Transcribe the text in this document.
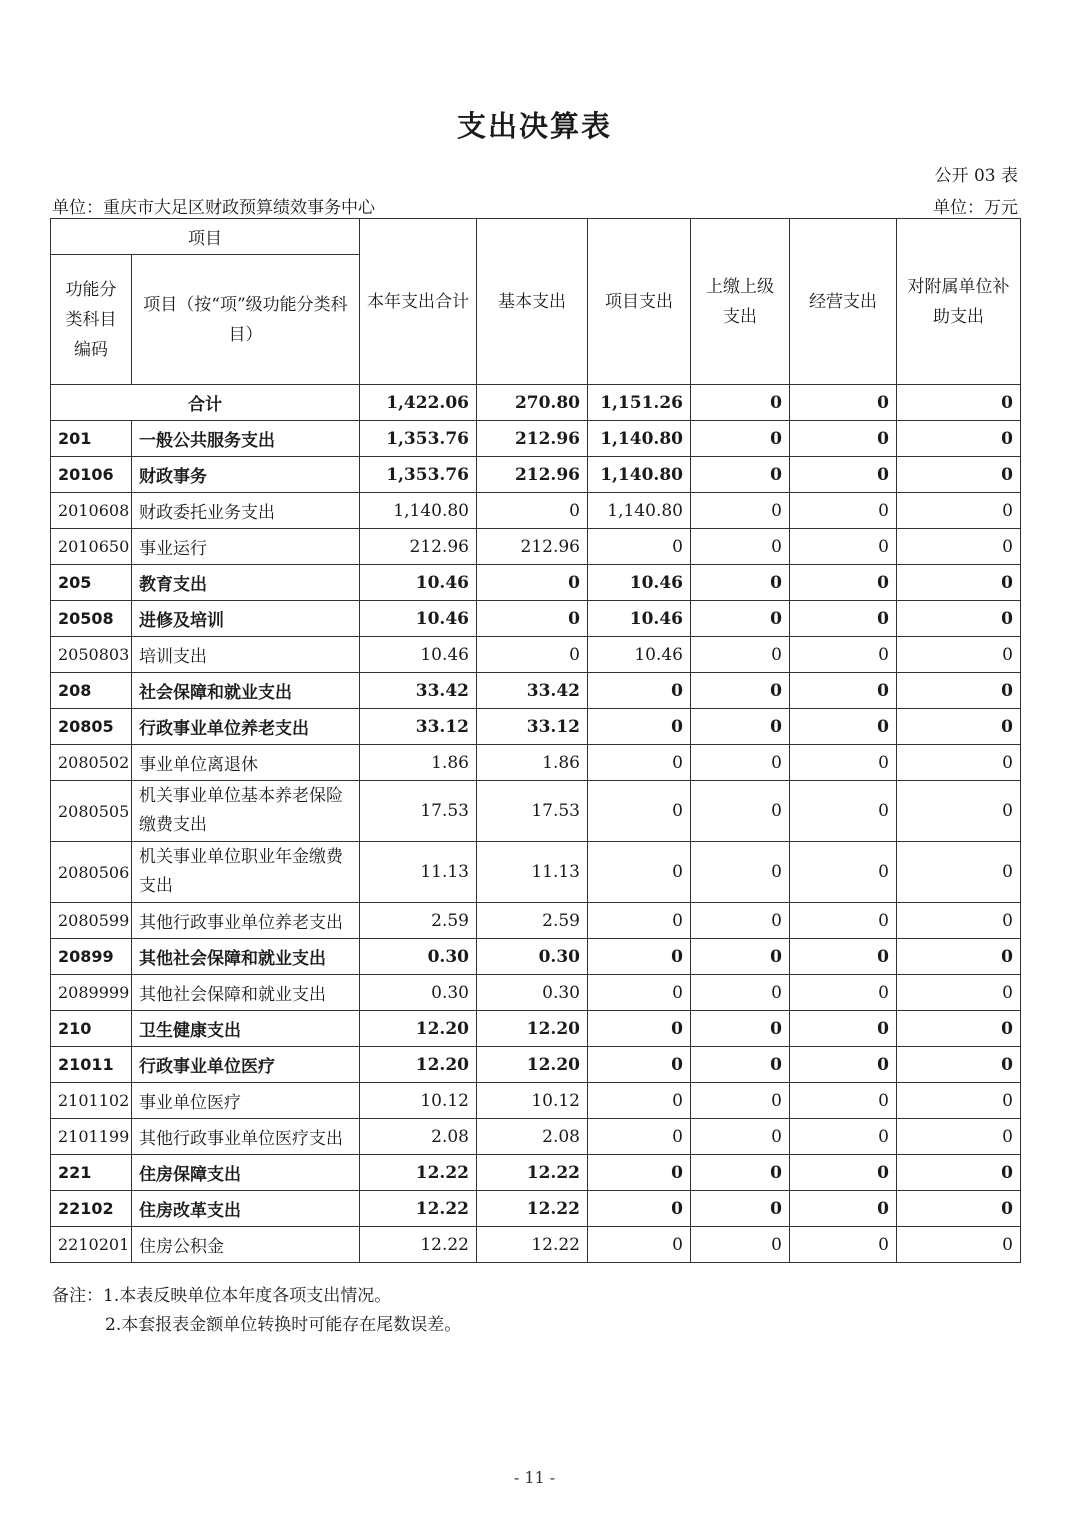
支出决算表
公开 03 表
单位：重庆市大足区财政预算绩效事务中心	单位：万元
项目		本年支出合计	基本支出	项目支出	上缴上级支出	经营支出	对附属单位补助支出
功能分类科目编码	项目（按“项”级功能分类科目）						
合计		1,422.06	270.80	1,151.26	0	0	0
201	一般公共服务支出	1,353.76	212.96	1,140.80	0	0	0
20106	财政事务	1,353.76	212.96	1,140.80	0	0	0
2010608	财政委托业务支出	1,140.80	0	1,140.80	0	0	0
2010650	事业运行	212.96	212.96	0	0	0	0
205	教育支出	10.46	0	10.46	0	0	0
20508	进修及培训	10.46	0	10.46	0	0	0
2050803	培训支出	10.46	0	10.46	0	0	0
208	社会保障和就业支出	33.42	33.42	0	0	0	0
20805	行政事业单位养老支出	33.12	33.12	0	0	0	0
2080502	事业单位离退休	1.86	1.86	0	0	0	0
2080505	机关事业单位基本养老保险缴费支出	17.53	17.53	0	0	0	0
2080506	机关事业单位职业年金缴费支出	11.13	11.13	0	0	0	0
2080599	其他行政事业单位养老支出	2.59	2.59	0	0	0	0
20899	其他社会保障和就业支出	0.30	0.30	0	0	0	0
2089999	其他社会保障和就业支出	0.30	0.30	0	0	0	0
210	卫生健康支出	12.20	12.20	0	0	0	0
21011	行政事业单位医疗	12.20	12.20	0	0	0	0
2101102	事业单位医疗	10.12	10.12	0	0	0	0
2101199	其他行政事业单位医疗支出	2.08	2.08	0	0	0	0
221	住房保障支出	12.22	12.22	0	0	0	0
22102	住房改革支出	12.22	12.22	0	0	0	0
2210201	住房公积金	12.22	12.22	0	0	0	0
备注：1.本表反映单位本年度各项支出情况。
2.本套报表金额单位转换时可能存在尾数误差。
- 11 -
